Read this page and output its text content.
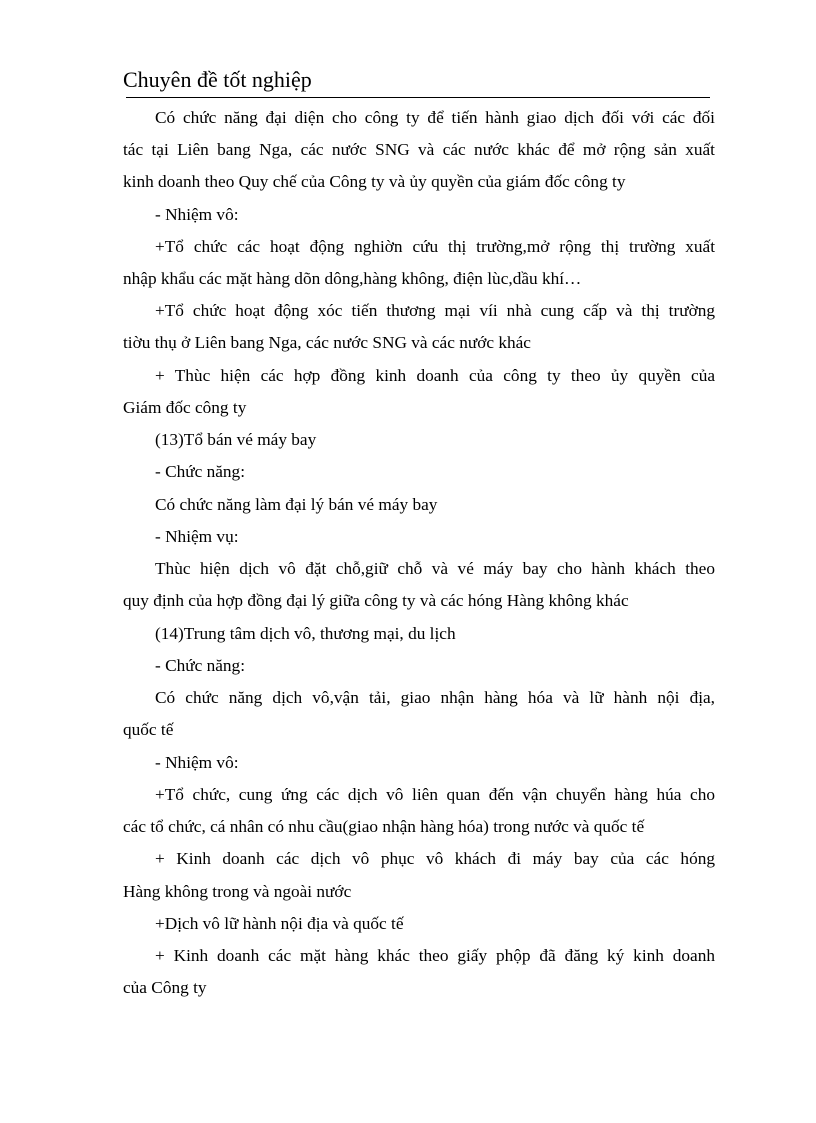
Chuyên đề tốt nghiệp
Có chức năng đại diện cho công ty để tiến hành giao dịch đối với các đối
tác tại Liên bang Nga, các nước SNG và các nước khác để mở rộng sản xuất
kinh doanh theo Quy chế của Công ty và ủy quyền của giám đốc công ty
- Nhiệm vô:
+Tổ chức các hoạt động nghiờn cứu thị trường,mở rộng thị trường xuất
nhập khẩu các mặt hàng dõn dông,hàng không, điện lùc,dầu khí…
+Tổ chức hoạt động xóc tiến thương mại víi nhà cung cấp và thị trường
tiờu thụ ở Liên bang Nga, các nước SNG và các nước khác
+ Thùc hiện các hợp đồng kinh doanh của công ty theo ủy quyền của
Giám đốc công ty
(13)Tổ bán vé máy bay
- Chức năng:
Có chức năng làm đại lý bán vé máy bay
- Nhiệm vụ:
Thùc hiện dịch vô đặt chỗ,giữ chỗ và vé máy bay cho hành khách theo
quy định của hợp đồng đại lý giữa công ty và các hóng Hàng không khác
(14)Trung tâm dịch vô, thương mại, du lịch
- Chức năng:
Có chức năng dịch vô,vận tải, giao nhận hàng hóa và lữ hành nội địa,
quốc tế
- Nhiệm vô:
+Tổ chức, cung ứng các dịch vô liên quan đến vận chuyển hàng húa cho
các tổ chức, cá nhân có nhu cầu(giao nhận hàng hóa) trong nước và quốc tế
+ Kinh doanh các dịch vô phục vô khách đi máy bay của các hóng
Hàng không trong và ngoài nước
+Dịch vô lữ hành nội địa và quốc tế
+ Kinh doanh các mặt hàng khác theo giấy phộp đã đăng ký kinh doanh
của Công ty
